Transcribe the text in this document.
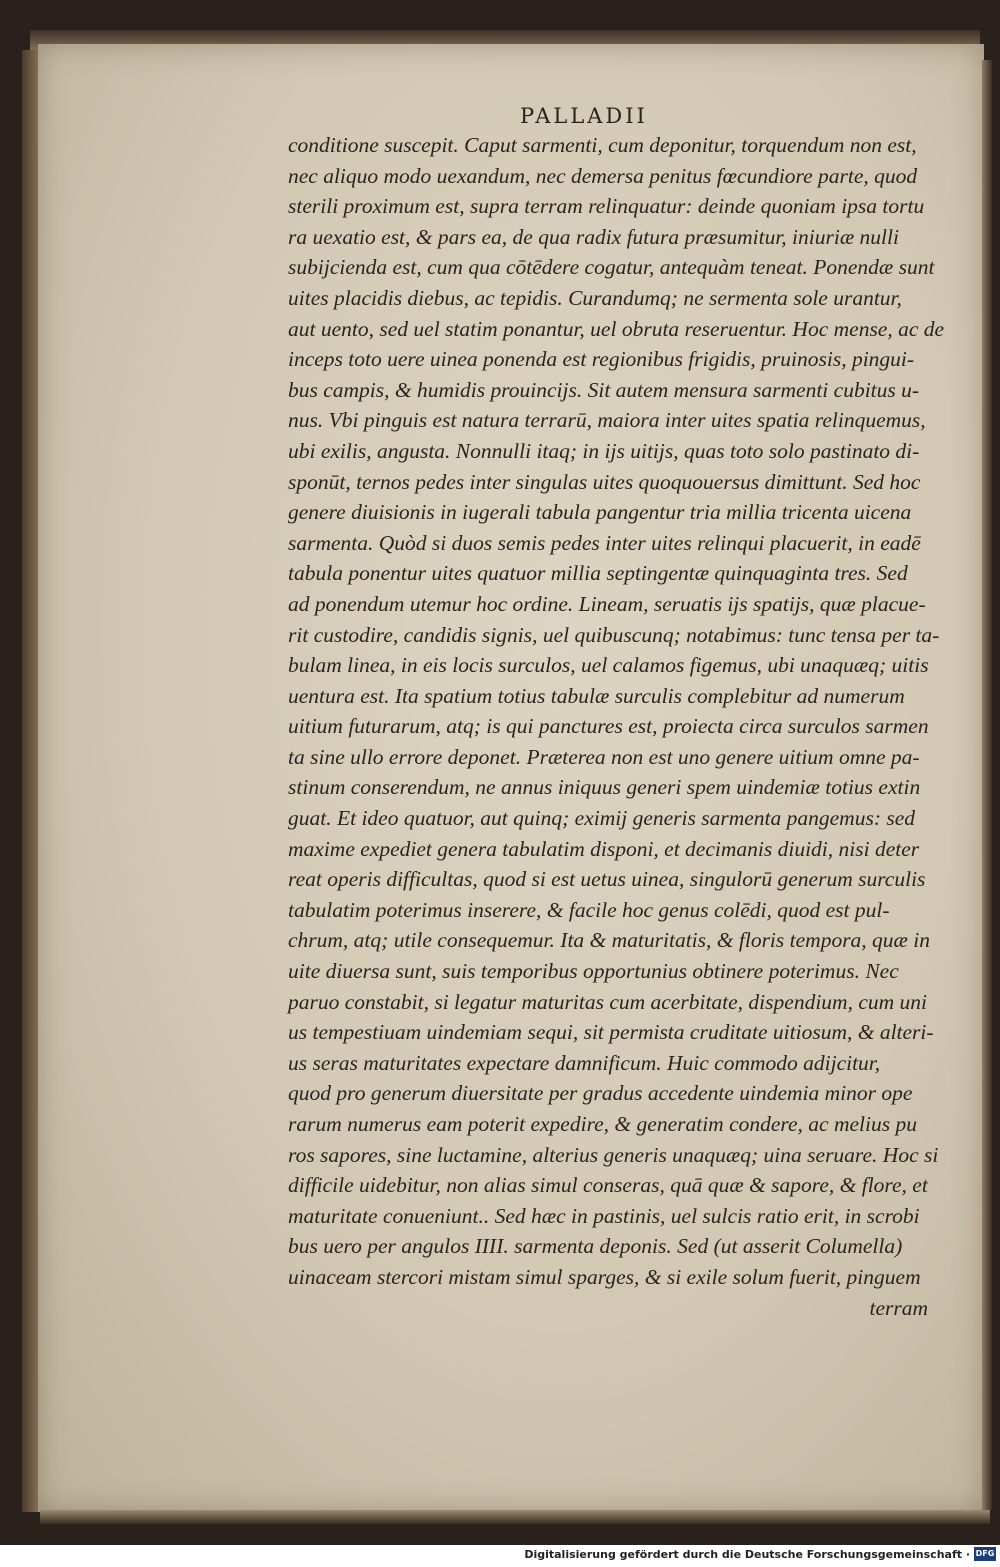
PALLADII
conditione suscepit. Caput sarmenti, cum deponitur, torquendum non est,
nec aliquo modo uexandum, nec demersa penitus fœcundiore parte, quod
sterili proximum est, supra terram relinquatur: deinde quoniam ipsa tortu
ra uexatio est, & pars ea, de qua radix futura præsumitur, iniuriæ nulli
subijcienda est, cum qua cōtēdere cogatur, antequàm teneat. Ponendæ sunt
uites placidis diebus, ac tepidis. Curandumq; ne sermenta sole urantur,
aut uento, sed uel statim ponantur, uel obruta reseruentur. Hoc mense, ac de
inceps toto uere uinea ponenda est regionibus frigidis, pruinosis, pingui-
bus campis, & humidis prouincijs. Sit autem mensura sarmenti cubitus u-
nus. Vbi pinguis est natura terrarū, maiora inter uites spatia relinquemus,
ubi exilis, angusta. Nonnulli itaq; in ijs uitijs, quas toto solo pastinato di-
sponūt, ternos pedes inter singulas uites quoquouersus dimittunt. Sed hoc
genere diuisionis in iugerali tabula pangentur tria millia tricenta uicena
sarmenta. Quòd si duos semis pedes inter uites relinqui placuerit, in eadē
tabula ponentur uites quatuor millia septingentæ quinquaginta tres. Sed
ad ponendum utemur hoc ordine. Lineam, seruatis ijs spatijs, quæ placue-
rit custodire, candidis signis, uel quibuscunq; notabimus: tunc tensa per ta-
bulam linea, in eis locis surculos, uel calamos figemus, ubi unaquæq; uitis
uentura est. Ita spatium totius tabulæ surculis complebitur ad numerum
uitium futurarum, atq; is qui panctures est, proiecta circa surculos sarmen
ta sine ullo errore deponet. Præterea non est uno genere uitium omne pa-
stinum conserendum, ne annus iniquus generi spem uindemiæ totius extin
guat. Et ideo quatuor, aut quinq; eximij generis sarmenta pangemus: sed
maxime expediet genera tabulatim disponi, et decimanis diuidi, nisi deter
reat operis difficultas, quod si est uetus uinea, singulorū generum surculis
tabulatim poterimus inserere, & facile hoc genus colēdi, quod est pul-
chrum, atq; utile consequemur. Ita & maturitatis, & floris tempora, quæ in
uite diuersa sunt, suis temporibus opportunius obtinere poterimus. Nec
paruo constabit, si legatur maturitas cum acerbitate, dispendium, cum uni
us tempestiuam uindemiam sequi, sit permista cruditate uitiosum, & alteri-
us seras maturitates expectare damnificum. Huic commodo adijcitur,
quod pro generum diuersitate per gradus accedente uindemia minor ope
rarum numerus eam poterit expedire, & generatim condere, ac melius pu
ros sapores, sine luctamine, alterius generis unaquæq; uina seruare. Hoc si
difficile uidebitur, non alias simul conseras, quā quæ & sapore, & flore, et
maturitate conueniunt.. Sed hæc in pastinis, uel sulcis ratio erit, in scrobi
bus uero per angulos IIII. sarmenta deponis. Sed (ut asserit Columella)
uinaceam stercori mistam simul sparges, & si exile solum fuerit, pinguem
terram
Digitalisierung gefördert durch die Deutsche Forschungsgemeinschaft · DFG
